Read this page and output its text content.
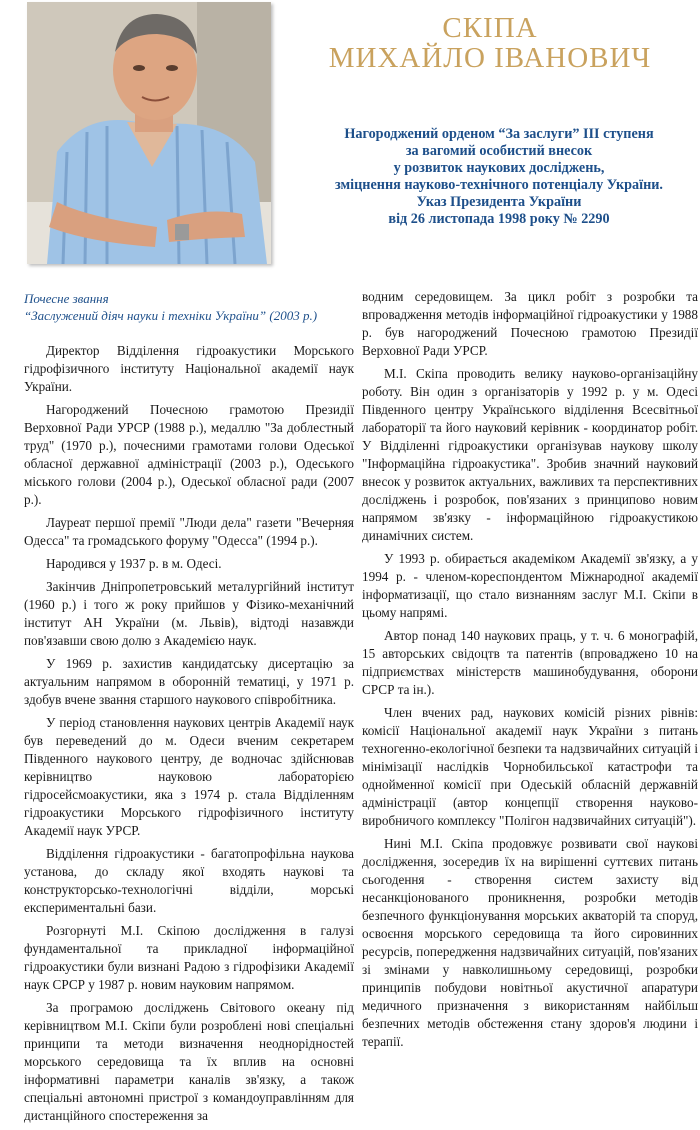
СКІПА
МИХАЙЛО ІВАНОВИЧ
Нагороджений орденом “За заслуги” ІІІ ступеня
за вагомий особистий внесок
у розвиток наукових досліджень,
зміцнення науково-технічного потенціалу України.
Указ Президента України
від 26 листопада 1998 року № 2290
Почесне звання
“Заслужений діяч науки і техніки України” (2003 р.)

Директор Відділення гідроакустики Морського гідрофізичного інституту Національної академії наук України.

Нагороджений Почесною грамотою Президії Верховної Ради УРСР (1988 р.), медаллю "За доблестный труд" (1970 р.), почесними грамотами голови Одеської обласної державної адміністрації (2003 р.), Одеського міського голови (2004 р.), Одеської обласної ради (2007 р.).

Лауреат першої премії "Люди дела" газети "Вечерняя Одесса" та громадського форуму "Одесса" (1994 р.).

Народився у 1937 р. в м. Одесі.

Закінчив Дніпропетровський металургійний інститут (1960 р.) і того ж року прийшов у Фізико-механічний інститут АН України (м. Львів), відтоді назавжди пов'язавши свою долю з Академією наук.

У 1969 р. захистив кандидатську дисертацію за актуальним напрямом в оборонній тематиці, у 1971 р. здобув вчене звання старшого наукового співробітника.

У період становлення наукових центрів Академії наук був переведений до м. Одеси вченим секретарем Південного наукового центру, де водночас здійснював керівництво науковою лабораторією гідросейсмоакустики, яка з 1974 р. стала Відділенням гідроакустики Морського гідрофізичного інституту Академії наук УРСР.

Відділення гідроакустики - багатопрофільна наукова установа, до складу якої входять наукові та конструкторсько-технологічні відділи, морські експериментальні бази.

Розгорнуті М.І. Скіпою дослідження в галузі фундаментальної та прикладної інформаційної гідроакустики були визнані Радою з гідрофізики Академії наук СРСР у 1987 р. новим науковим напрямом.

За програмою досліджень Світового океану під керівництвом М.І. Скіпи були розроблені нові спеціальні принципи та методи визначення неоднорідностей морського середовища та їх вплив на основні інформативні параметри каналів зв'язку, а також спеціальні автономні пристрої з командоуправлінням для дистанційного спостереження за

водним середовищем. За цикл робіт з розробки та впровадження методів інформаційної гідроакустики у 1988 р. був нагороджений Почесною грамотою Президії Верховної Ради УРСР.

М.І. Скіпа проводить велику науково-організаційну роботу. Він один з організаторів у 1992 р. у м. Одесі Південного центру Українського відділення Всесвітньої лабораторії та його науковий керівник - координатор робіт. У Відділенні гідроакустики організував наукову школу "Інформаційна гідроакустика". Зробив значний науковий внесок у розвиток актуальних, важливих та перспективних досліджень і розробок, пов'язаних з принципово новим напрямом зв'язку - інформаційною гідроакустикою динамічних систем.

У 1993 р. обирається академіком Академії зв'язку, а у 1994 р. - членом-кореспондентом Міжнародної академії інформатизації, що стало визнанням заслуг М.І. Скіпи в цьому напрямі.

Автор понад 140 наукових праць, у т. ч. 6 монографій, 15 авторських свідоцтв та патентів (впроваджено 10 на підприємствах міністерств машинобудування, оборони СРСР та ін.).

Член вчених рад, наукових комісій різних рівнів: комісії Національної академії наук України з питань техногенно-екологічної безпеки та надзвичайних ситуацій і мінімізації наслідків Чорнобильської катастрофи та однойменної комісії при Одеській обласній державній адміністрації (автор концепції створення науково-виробничого комплексу "Полігон надзвичайних ситуацій").

Нині М.І. Скіпа продовжує розвивати свої наукові дослідження, зосередив їх на вирішенні суттєвих питань сьогодення - створення систем захисту від несанкціонованого проникнення, розробки методів безпечного функціонування морських акваторій та споруд, освоєння морського середовища та його сировинних ресурсів, попередження надзвичайних ситуацій, пов'язаних зі змінами у навколишньому середовищі, розробки принципів побудови новітньої акустичної апаратури медичного призначення з використанням найбільш безпечних методів обстеження стану здоров'я людини і терапії.
